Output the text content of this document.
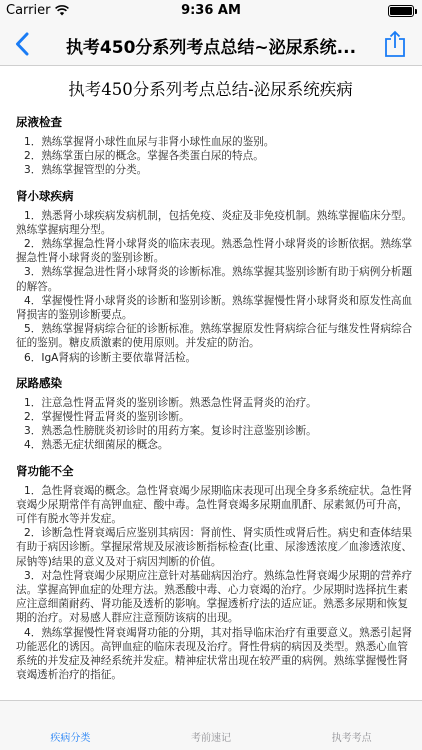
Carrier	9:36 AM
执考450分系列考点总结~泌尿系统...
执考450分系列考点总结-泌尿系统疾病
尿液检查
1．熟练掌握肾小球性血尿与非肾小球性血尿的鉴别。
2．熟练掌蛋白尿的概念。掌握各类蛋白尿的特点。
3．熟练掌握管型的分类。
肾小球疾病
1．熟悉肾小球疾病发病机制，包括免疫、炎症及非免疫机制。熟练掌握临床分型。熟练掌握病理分型。
2．熟练掌握急性肾小球肾炎的临床表现。熟悉急性肾小球肾炎的诊断依据。熟练掌握急性肾小球肾炎的鉴别诊断。
3．熟练掌握急进性肾小球肾炎的诊断标准。熟练掌握其鉴别诊断有助于病例分析题的解答。
4．掌握慢性肾小球肾炎的诊断和鉴别诊断。熟练掌握慢性肾小球肾炎和原发性高血肾损害的鉴别诊断要点。
5．熟练掌握肾病综合征的诊断标准。熟练掌握原发性肾病综合征与继发性肾病综合征的鉴别。糖皮质激素的使用原则。并发症的防治。
6．IgA肾病的诊断主要依靠肾活检。
尿路感染
1．注意急性肾盂肾炎的鉴别诊断。熟悉急性肾盂肾炎的治疗。
2．掌握慢性肾盂肾炎的鉴别诊断。
3．熟悉急性膀胱炎初诊时的用药方案。复诊时注意鉴别诊断。
4．熟悉无症状细菌尿的概念。
肾功能不全
1．急性肾衰竭的概念。急性肾衰竭少尿期临床表现可出现全身多系统症状。急性肾衰竭少尿期常伴有高钾血症、酸中毒。急性肾衰竭多尿期血肌酐、尿素氮仍可升高，可伴有脱水等并发症。
2．诊断急性肾衰竭后应鉴别其病因：肾前性、肾实质性或肾后性。病史和查体结果有助于病因诊断。掌握尿常规及尿液诊断指标检查(比重、尿渗透浓度／血渗透浓度、尿钠等)结果的意义及对于病因判断的价值。
3．对急性肾衰竭少尿期应注意针对基础病因治疗。熟练急性肾衰竭少尿期的营养疗法。掌握高钾血症的处理方法。熟悉酸中毒、心力衰竭的治疗。少尿期时选择抗生素应注意细菌耐药、肾功能及透析的影响。掌握透析疗法的适应证。熟悉多尿期和恢复期的治疗。对易感人群应注意预防该病的出现。
4．熟练掌握慢性肾衰竭肾功能的分期，其对指导临床治疗有重要意义。熟悉引起肾功能恶化的诱因。高钾血症的临床表现及治疗。肾性骨病的病因及类型。熟悉心血管系统的并发症及神经系统并发症。精神症状常出现在较严重的病例。熟练掌握慢性肾衰竭透析治疗的指征。
疾病分类	考前速记	执考考点
